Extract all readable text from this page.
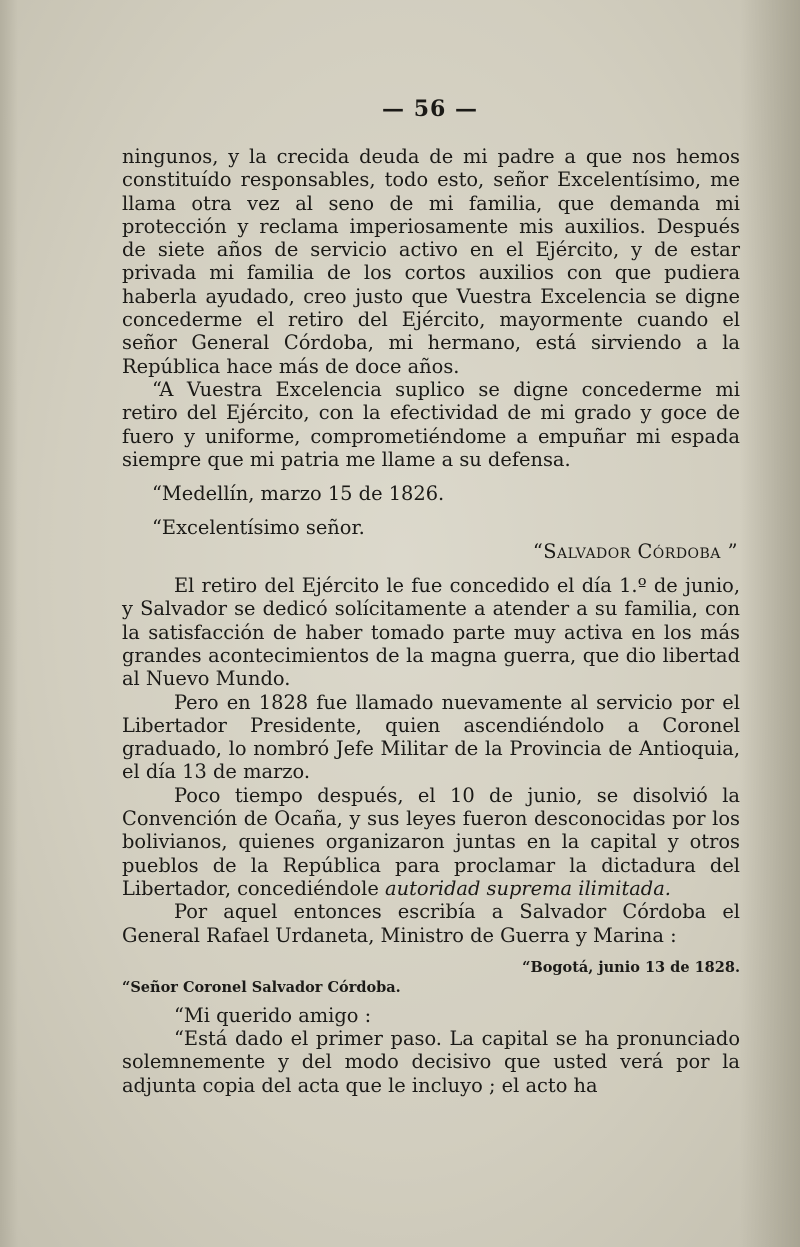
— 56 —

ningunos, y la crecida deuda de mi padre a que nos hemos constituído responsables, todo esto, señor Excelentísimo, me llama otra vez al seno de mi familia, que demanda mi protección y reclama imperiosamente mis auxilios. Después de siete años de servicio activo en el Ejército, y de estar privada mi familia de los cortos auxilios con que pudiera haberla ayudado, creo justo que Vuestra Excelencia se digne concederme el retiro del Ejército, mayormente cuando el señor General Córdoba, mi hermano, está sirviendo a la República hace más de doce años.

“A Vuestra Excelencia suplico se digne concederme mi retiro del Ejército, con la efectividad de mi grado y goce de fuero y uniforme, comprometiéndome a empuñar mi espada siempre que mi patria me llame a su defensa.

“Medellín, marzo 15 de 1826.

“Excelentísimo señor.

“Salvador Córdoba ”

El retiro del Ejército le fue concedido el día 1.º de junio, y Salvador se dedicó solícitamente a atender a su familia, con la satisfacción de haber tomado parte muy activa en los más grandes acontecimientos de la magna guerra, que dio libertad al Nuevo Mundo.

Pero en 1828 fue llamado nuevamente al servicio por el Libertador Presidente, quien ascendiéndolo a Coronel graduado, lo nombró Jefe Militar de la Provincia de Antioquia, el día 13 de marzo.

Poco tiempo después, el 10 de junio, se disolvió la Convención de Ocaña, y sus leyes fueron desconocidas por los bolivianos, quienes organizaron juntas en la capital y otros pueblos de la República para proclamar la dictadura del Libertador, concediéndole autoridad suprema ilimitada.

Por aquel entonces escribía a Salvador Córdoba el General Rafael Urdaneta, Ministro de Guerra y Marina :

“Bogotá, junio 13 de 1828.

“Señor Coronel Salvador Córdoba.

“Mi querido amigo :

“Está dado el primer paso. La capital se ha pronunciado solemnemente y del modo decisivo que usted verá por la adjunta copia del acta que le incluyo ; el acto ha
